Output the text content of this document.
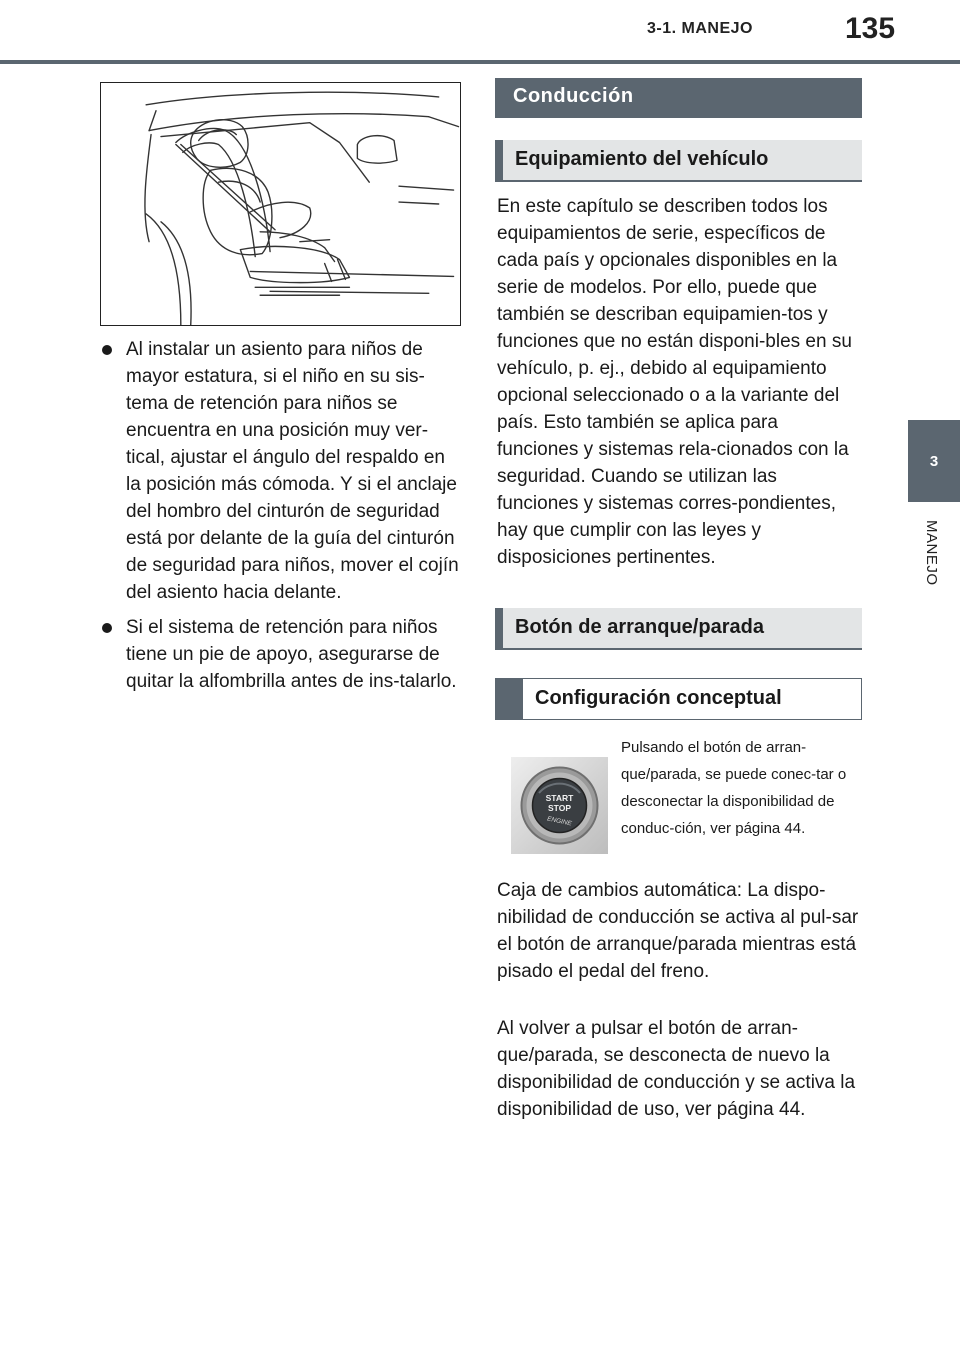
3-1. MANEJO	135
3
MANEJO
Al instalar un asiento para niños de mayor estatura, si el niño en su sis-tema de retención para niños se encuentra en una posición muy ver-tical, ajustar el ángulo del respaldo en la posición más cómoda. Y si el anclaje del hombro del cinturón de seguridad está por delante de la guía del cinturón de seguridad para niños, mover el cojín del asiento hacia delante.
Si el sistema de retención para niños tiene un pie de apoyo, asegurarse de quitar la alfombrilla antes de ins-talarlo.
Conducción
Equipamiento del vehículo

En este capítulo se describen todos los equipamientos de serie, específicos de cada país y opcionales disponibles en la serie de modelos. Por ello, puede que también se describan equipamien-tos y funciones que no están disponi-bles en su vehículo, p. ej., debido al equipamiento opcional seleccionado o a la variante del país. Esto también se aplica para funciones y sistemas rela-cionados con la seguridad. Cuando se utilizan las funciones y sistemas corres-pondientes, hay que cumplir con las leyes y disposiciones pertinentes.

Botón de arranque/parada
Configuración conceptual
START
STOP
ENGINE

Pulsando el botón de arran-que/parada, se puede conec-tar o desconectar la disponibilidad de conduc-ción, ver página 44.

Caja de cambios automática: La dispo-nibilidad de conducción se activa al pul-sar el botón de arranque/parada mientras está pisado el pedal del freno.

Al volver a pulsar el botón de arran-que/parada, se desconecta de nuevo la disponibilidad de conducción y se activa la disponibilidad de uso, ver página 44.
